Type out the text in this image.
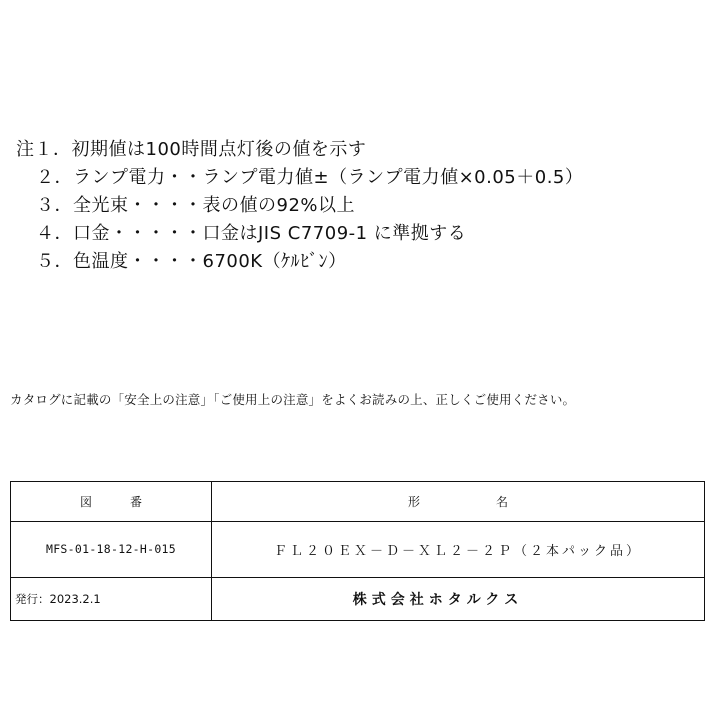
注１．初期値は100時間点灯後の値を示す
２．ランプ電力・・ランプ電力値±（ランプ電力値×0.05＋0.5）
３．全光束・・・・表の値の92%以上
４．口金・・・・・口金はJIS C7709-1 に準拠する
５．色温度・・・・6700K（ｹﾙﾋﾞﾝ）
カタログに記載の「安全上の注意」「ご使用上の注意」をよくお読みの上、正しくご使用ください。
図番	形名
MFS-01-18-12-H-015	ＦＬ２０ＥＸ－Ｄ－ＸＬ２－２Ｐ（２本パック品）
発行：2023.2.1	株式会社ホタルクス
